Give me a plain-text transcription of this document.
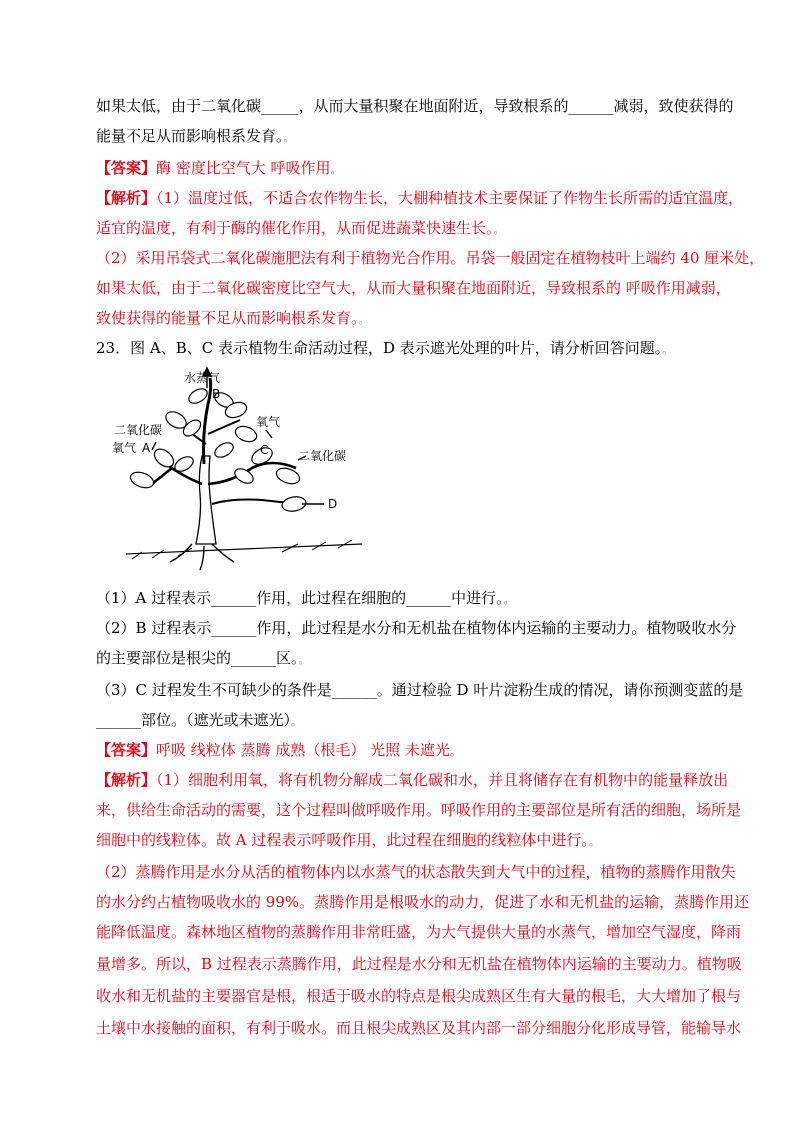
如果太低，由于二氧化碳_____，从而大量积聚在地面附近，导致根系的______减弱，致使获得的
能量不足从而影响根系发育。。
【答案】酶 密度比空气大 呼吸作用。
【解析】（1）温度过低，不适合农作物生长，大棚种植技术主要保证了作物生长所需的适宜温度，
适宜的温度，有利于酶的催化作用，从而促进蔬菜快速生长。。
（2）采用吊袋式二氧化碳施肥法有利于植物光合作用。吊袋一般固定在植物枝叶上端约 40 厘米处，
如果太低，由于二氧化碳密度比空气大，从而大量积聚在地面附近，导致根系的 呼吸作用减弱，
致使获得的能量不足从而影响根系发育。。
23．图 A、B、C 表示植物生命活动过程，D 表示遮光处理的叶片，请分析回答问题。。
水蒸气
B
二氧化碳
氧气 A
氧气
C 二氧化碳
D
（1）A 过程表示______作用，此过程在细胞的______中进行。。
（2）B 过程表示______作用，此过程是水分和无机盐在植物体内运输的主要动力。植物吸收水分
的主要部位是根尖的______区。。
（3）C 过程发生不可缺少的条件是______。通过检验 D 叶片淀粉生成的情况，请你预测变蓝的是
______部位。（遮光或未遮光）。
【答案】呼吸 线粒体 蒸腾 成熟（根毛） 光照 未遮光。
【解析】（1）细胞利用氧，将有机物分解成二氧化碳和水，并且将储存在有机物中的能量释放出
来，供给生命活动的需要，这个过程叫做呼吸作用。呼吸作用的主要部位是所有活的细胞，场所是
细胞中的线粒体。故 A 过程表示呼吸作用，此过程在细胞的线粒体中进行。。
（2）蒸腾作用是水分从活的植物体内以水蒸气的状态散失到大气中的过程，植物的蒸腾作用散失
的水分约占植物吸收水的 99%。蒸腾作用是根吸水的动力，促进了水和无机盐的运输，蒸腾作用还
能降低温度。森林地区植物的蒸腾作用非常旺盛，为大气提供大量的水蒸气，增加空气湿度，降雨
量增多。所以，B 过程表示蒸腾作用，此过程是水分和无机盐在植物体内运输的主要动力。植物吸
收水和无机盐的主要器官是根，根适于吸水的特点是根尖成熟区生有大量的根毛，大大增加了根与
土壤中水接触的面积，有利于吸水。而且根尖成熟区及其内部一部分细胞分化形成导管，能输导水
